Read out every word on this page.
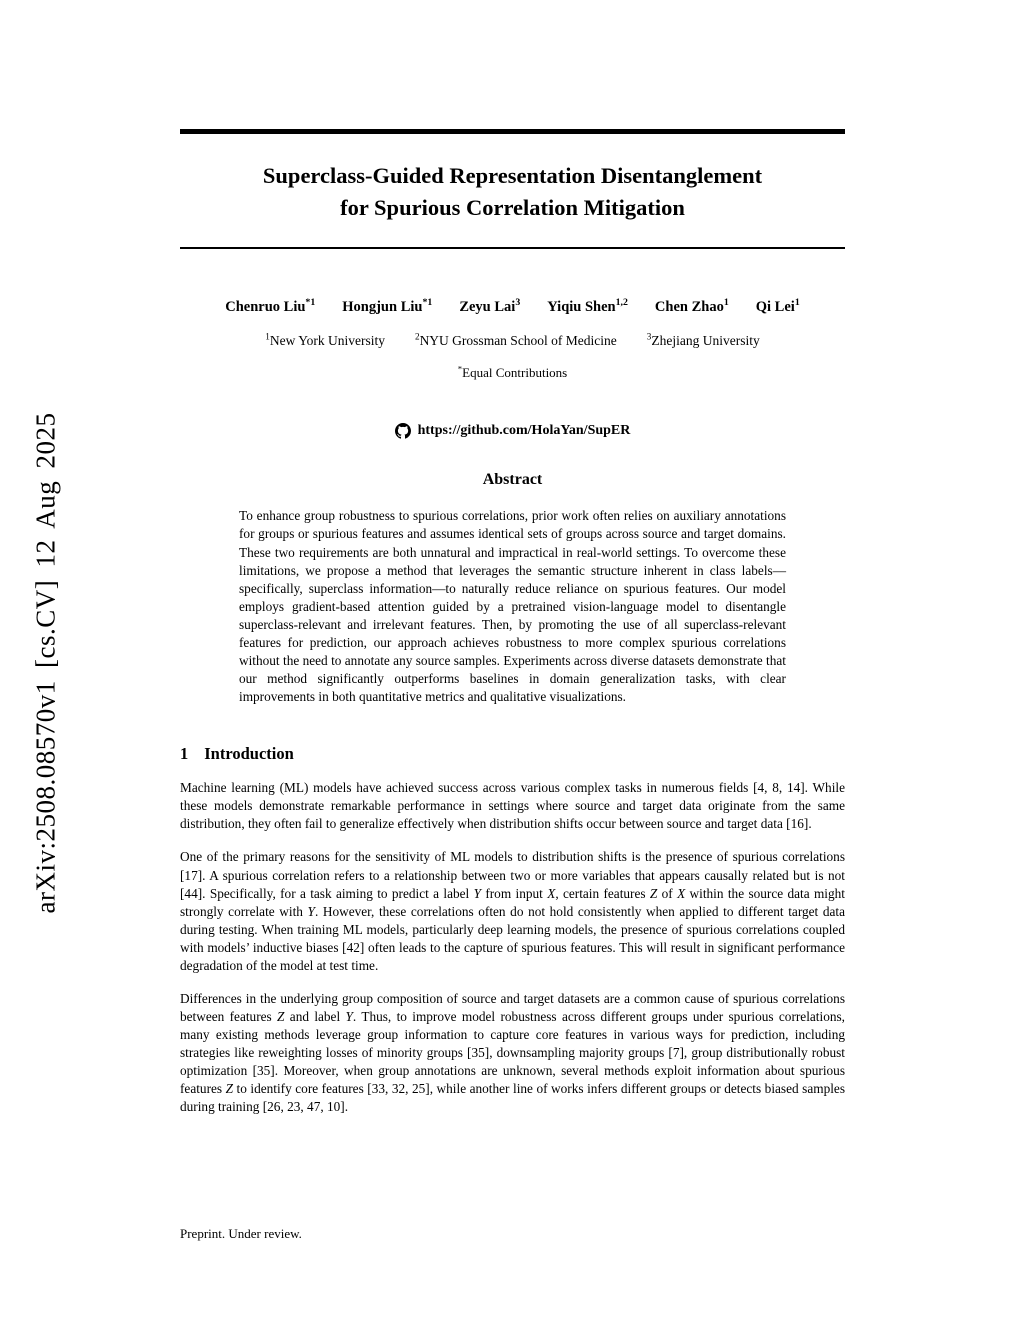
arXiv:2508.08570v1 [cs.CV] 12 Aug 2025
Superclass-Guided Representation Disentanglement
for Spurious Correlation Mitigation
Chenruo Liu$^{*1}$ Hongjun Liu$^{*1}$ Zeyu Lai$^3$ Yiqiu Shen$^{1,2}$ Chen Zhao$^1$ Qi Lei$^1$
$^1$New York University	$^2$NYU Grossman School of Medicine	$^3$Zhejiang University
*Equal Contributions
https://github.com/HolaYan/SupER
Abstract
To enhance group robustness to spurious correlations, prior work often relies on auxiliary annotations for groups or spurious features and assumes identical sets of groups across source and target domains. These two requirements are both unnatural and impractical in real-world settings. To overcome these limitations, we propose a method that leverages the semantic structure inherent in class labels—specifically, superclass information—to naturally reduce reliance on spurious features. Our model employs gradient-based attention guided by a pretrained vision-language model to disentangle superclass-relevant and irrelevant features. Then, by promoting the use of all superclass-relevant features for prediction, our approach achieves robustness to more complex spurious correlations without the need to annotate any source samples. Experiments across diverse datasets demonstrate that our method significantly outperforms baselines in domain generalization tasks, with clear improvements in both quantitative metrics and qualitative visualizations.
1 Introduction

Machine learning (ML) models have achieved success across various complex tasks in numerous fields [4, 8, 14]. While these models demonstrate remarkable performance in settings where source and target data originate from the same distribution, they often fail to generalize effectively when distribution shifts occur between source and target data [16].

One of the primary reasons for the sensitivity of ML models to distribution shifts is the presence of spurious correlations [17]. A spurious correlation refers to a relationship between two or more variables that appears causally related but is not [44]. Specifically, for a task aiming to predict a label Y from input X, certain features Z of X within the source data might strongly correlate with Y. However, these correlations often do not hold consistently when applied to different target data during testing. When training ML models, particularly deep learning models, the presence of spurious correlations coupled with models’ inductive biases [42] often leads to the capture of spurious features. This will result in significant performance degradation of the model at test time.

Differences in the underlying group composition of source and target datasets are a common cause of spurious correlations between features Z and label Y. Thus, to improve model robustness across different groups under spurious correlations, many existing methods leverage group information to capture core features in various ways for prediction, including strategies like reweighting losses of minority groups [35], downsampling majority groups [7], group distributionally robust optimization [35]. Moreover, when group annotations are unknown, several methods exploit information about spurious features Z to identify core features [33, 32, 25], while another line of works infers different groups or detects biased samples during training [26, 23, 47, 10].

Preprint. Under review.
